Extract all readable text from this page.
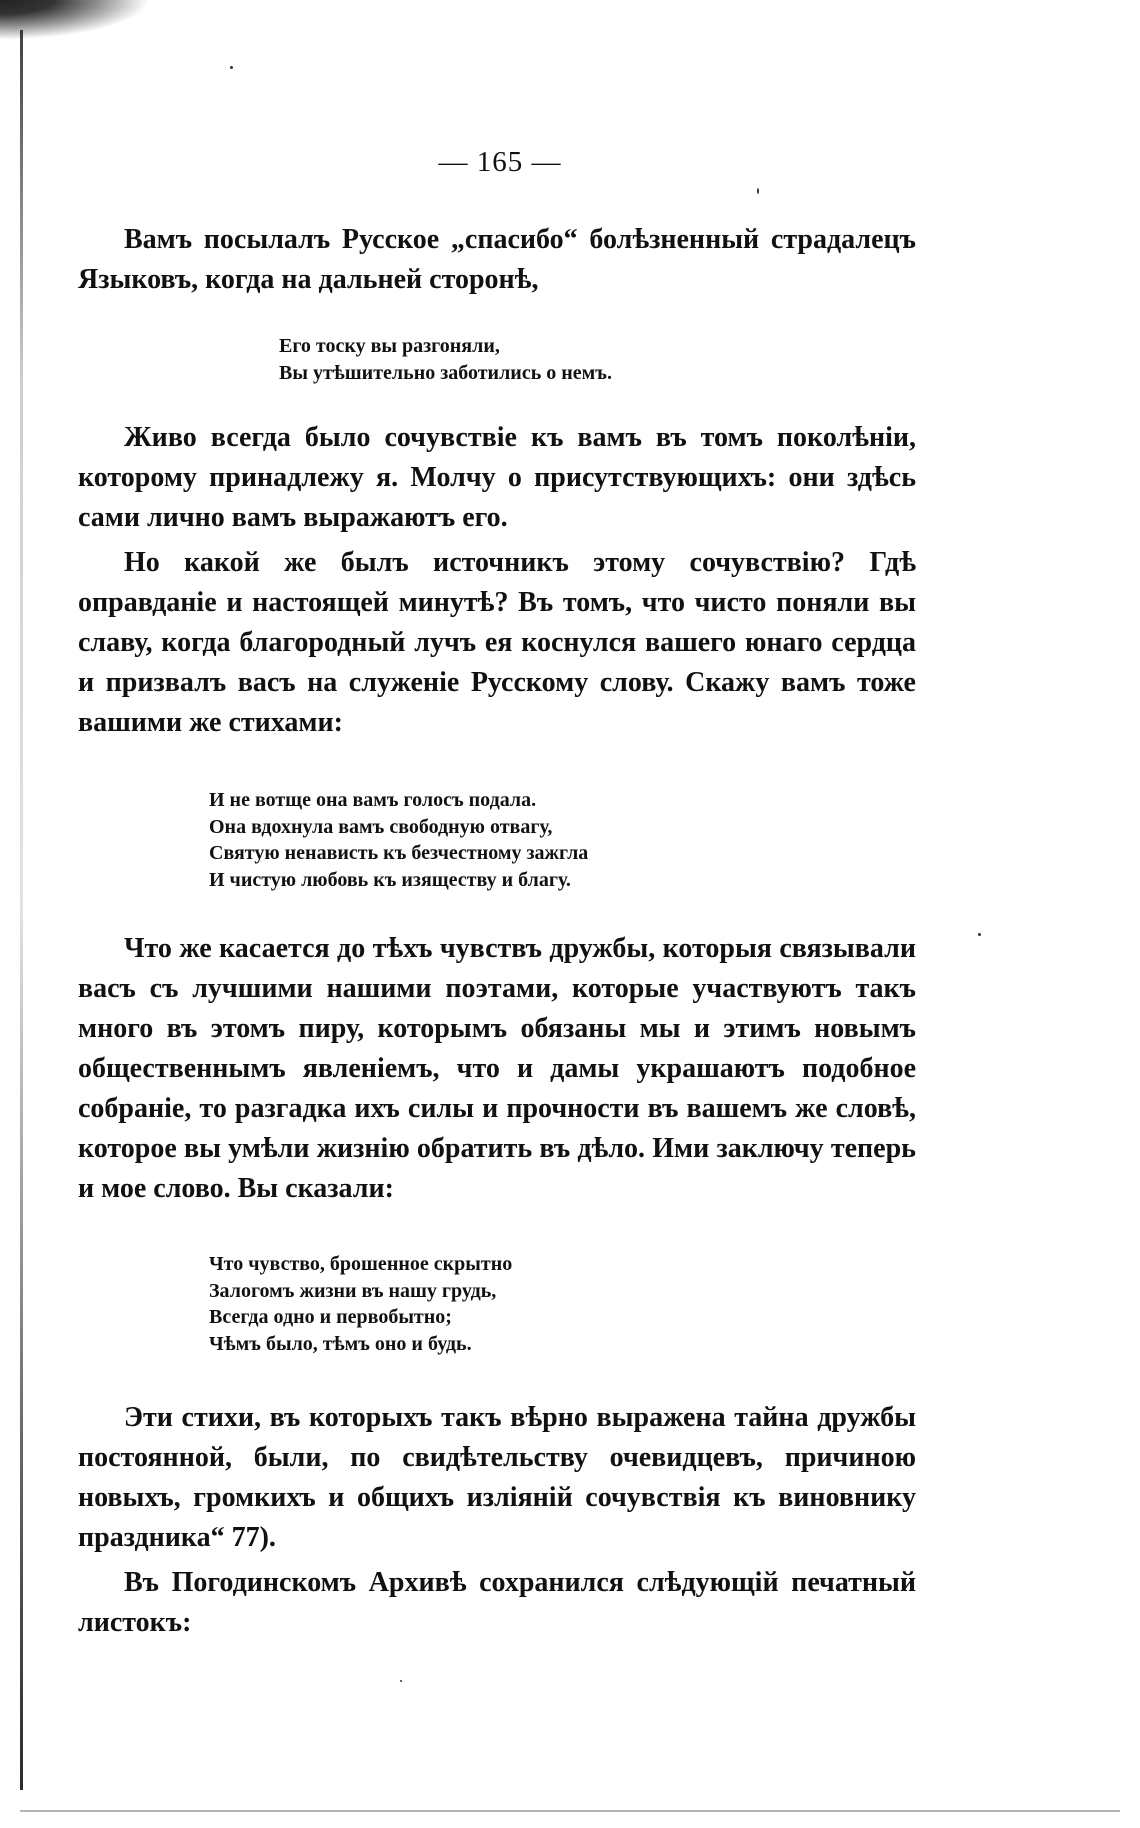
— 165 —

Вамъ посылалъ Русское „спасибо“ болѣзненный страдалецъ Языковъ, когда на дальней сторонѣ,

Его тоску вы разгоняли,
Вы утѣшительно заботились о немъ.

Живо всегда было сочувствіе къ вамъ въ томъ поколѣніи, которому принадлежу я. Молчу о присутствующихъ: они здѣсь сами лично вамъ выражаютъ его.

Но какой же былъ источникъ этому сочувствію? Гдѣ оправданіе и настоящей минутѣ? Въ томъ, что чисто поняли вы славу, когда благородный лучъ ея коснулся вашего юнаго сердца и призвалъ васъ на служеніе Русскому слову. Скажу вамъ тоже вашими же стихами:

И не вотще она вамъ голосъ подала.
Она вдохнула вамъ свободную отвагу,
Святую ненависть къ безчестному зажгла
И чистую любовь къ изяществу и благу.

Что же касается до тѣхъ чувствъ дружбы, которыя связывали васъ съ лучшими нашими поэтами, которые участвуютъ такъ много въ этомъ пиру, которымъ обязаны мы и этимъ новымъ общественнымъ явленіемъ, что и дамы украшаютъ подобное собраніе, то разгадка ихъ силы и прочности въ вашемъ же словѣ, которое вы умѣли жизнію обратить въ дѣло. Ими заключу теперь и мое слово. Вы сказали:

Что чувство, брошенное скрытно
Залогомъ жизни въ нашу грудь,
Всегда одно и первобытно;
Чѣмъ было, тѣмъ оно и будь.

Эти стихи, въ которыхъ такъ вѣрно выражена тайна дружбы постоянной, были, по свидѣтельству очевидцевъ, причиною новыхъ, громкихъ и общихъ изліяній сочувствія къ виновнику праздника“ 77).

Въ Погодинскомъ Архивѣ сохранился слѣдующій печатный листокъ:
